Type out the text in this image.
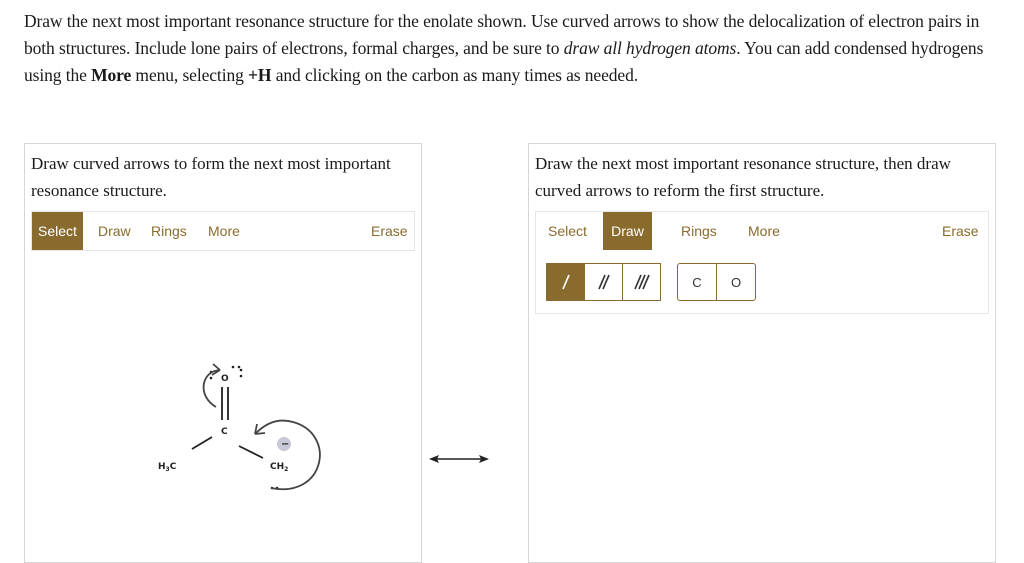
Draw the next most important resonance structure for the enolate shown. Use curved arrows to show the delocalization of electron pairs in both structures. Include lone pairs of electrons, formal charges, and be sure to draw all hydrogen atoms. You can add condensed hydrogens using the More menu, selecting +H and clicking on the carbon as many times as needed.
Draw curved arrows to form the next most important resonance structure.
Select	Draw	Rings	More	Erase
C
O
$H_3C$	$CH_2$
−
Draw the next most important resonance structure, then draw curved arrows to reform the first structure.
Select	Draw	Rings	More	Erase
C	O
